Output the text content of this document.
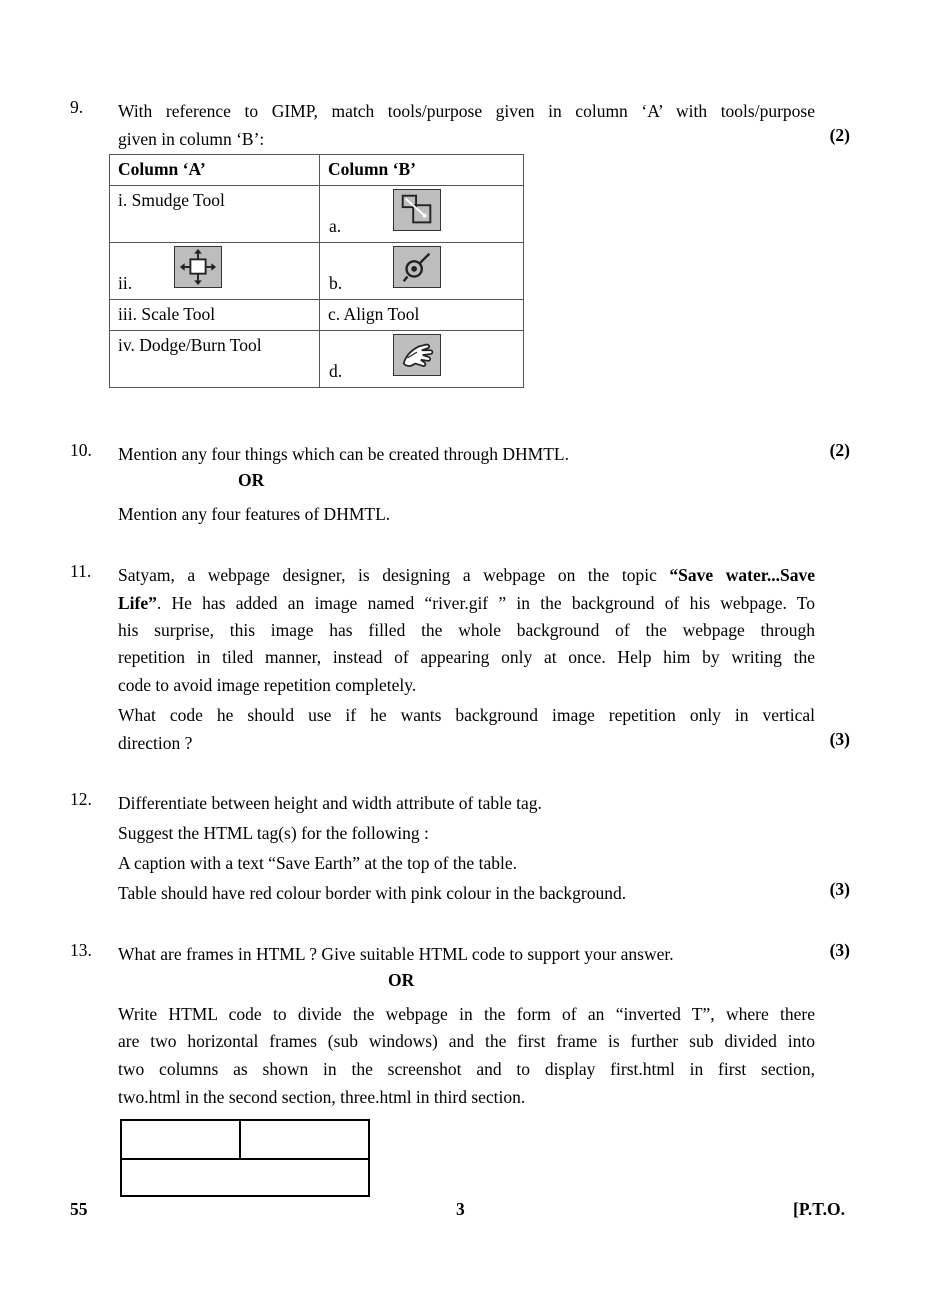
9. With reference to GIMP, match tools/purpose given in column ‘A’ with tools/purpose
given in column ‘B’:	(2)
Column ‘A’	Column ‘B’
i. Smudge Tool	a.

ii.	b.

iii. Scale Tool	c. Align Tool
iv. Dodge/Burn Tool	d.
10. Mention any four things which can be created through DHMTL.	(2)
OR
Mention any four features of DHMTL.
11. Satyam, a webpage designer, is designing a webpage on the topic “Save water...Save
Life”. He has added an image named “river.gif ” in the background of his webpage. To
his surprise, this image has filled the whole background of the webpage through
repetition in tiled manner, instead of appearing only at once. Help him by writing the
code to avoid image repetition completely.
What code he should use if he wants background image repetition only in vertical
direction ?	(3)
12. Differentiate between height and width attribute of table tag.
Suggest the HTML tag(s) for the following :
A caption with a text “Save Earth” at the top of the table.
Table should have red colour border with pink colour in the background.	(3)
13. What are frames in HTML ? Give suitable HTML code to support your answer.	(3)
OR
Write HTML code to divide the webpage in the form of an “inverted T”, where there
are two horizontal frames (sub windows) and the first frame is further sub divided into
two columns as shown in the screenshot and to display first.html in first section,
two.html in the second section, three.html in third section.
55	3	[P.T.O.
